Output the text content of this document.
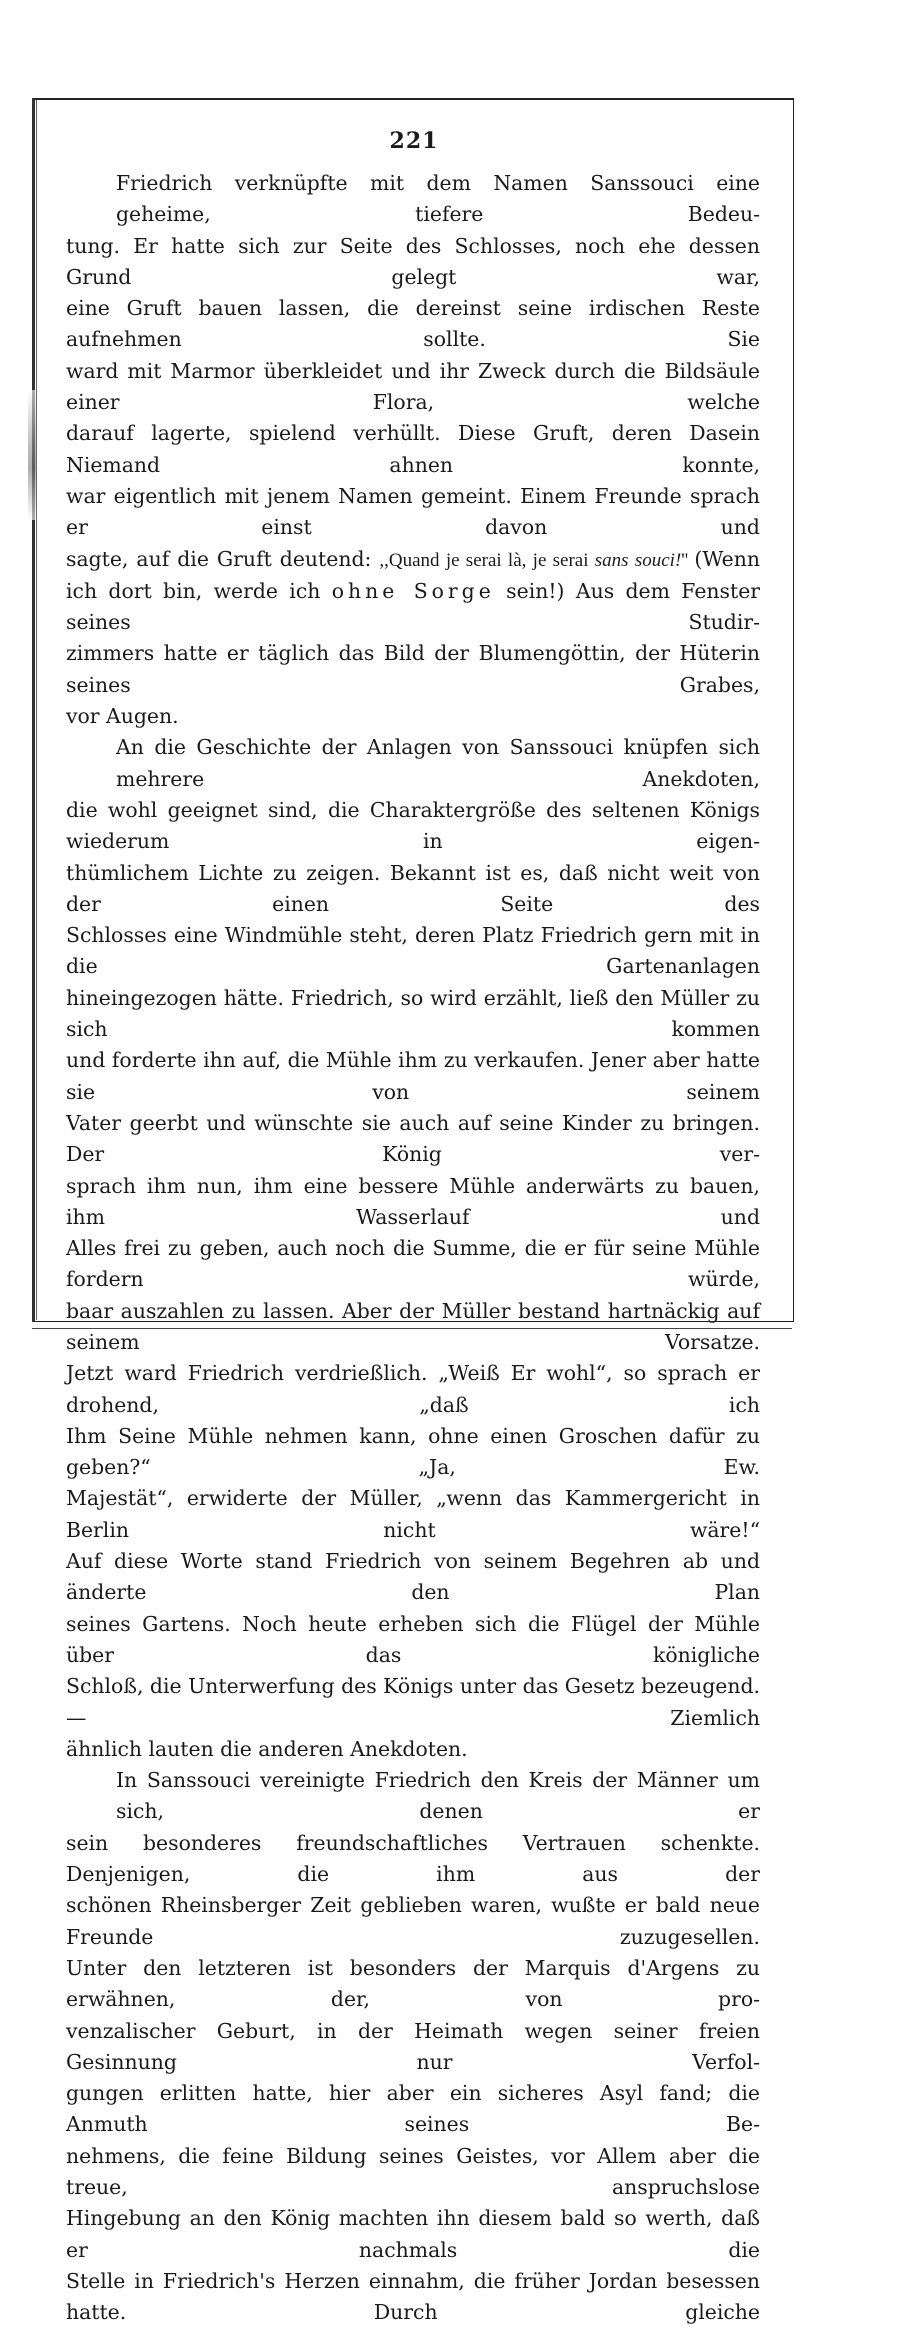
221

Friedrich verknüpfte mit dem Namen Sanssouci eine geheime, tiefere Bedeu-
tung. Er hatte sich zur Seite des Schlosses, noch ehe dessen Grund gelegt war,
eine Gruft bauen lassen, die dereinst seine irdischen Reste aufnehmen sollte. Sie
ward mit Marmor überkleidet und ihr Zweck durch die Bildsäule einer Flora, welche
darauf lagerte, spielend verhüllt. Diese Gruft, deren Dasein Niemand ahnen konnte,
war eigentlich mit jenem Namen gemeint. Einem Freunde sprach er einst davon und
sagte, auf die Gruft deutend: ,,Quand je serai là, je serai sans souci!'' (Wenn
ich dort bin, werde ich ohne Sorge sein!) Aus dem Fenster seines Studir-
zimmers hatte er täglich das Bild der Blumengöttin, der Hüterin seines Grabes,
vor Augen.

An die Geschichte der Anlagen von Sanssouci knüpfen sich mehrere Anekdoten,
die wohl geeignet sind, die Charaktergröße des seltenen Königs wiederum in eigen-
thümlichem Lichte zu zeigen. Bekannt ist es, daß nicht weit von der einen Seite des
Schlosses eine Windmühle steht, deren Platz Friedrich gern mit in die Gartenanlagen
hineingezogen hätte. Friedrich, so wird erzählt, ließ den Müller zu sich kommen
und forderte ihn auf, die Mühle ihm zu verkaufen. Jener aber hatte sie von seinem
Vater geerbt und wünschte sie auch auf seine Kinder zu bringen. Der König ver-
sprach ihm nun, ihm eine bessere Mühle anderwärts zu bauen, ihm Wasserlauf und
Alles frei zu geben, auch noch die Summe, die er für seine Mühle fordern würde,
baar auszahlen zu lassen. Aber der Müller bestand hartnäckig auf seinem Vorsatze.
Jetzt ward Friedrich verdrießlich. „Weiß Er wohl“, so sprach er drohend, „daß ich
Ihm Seine Mühle nehmen kann, ohne einen Groschen dafür zu geben?“ „Ja, Ew.
Majestät“, erwiderte der Müller, „wenn das Kammergericht in Berlin nicht wäre!“
Auf diese Worte stand Friedrich von seinem Begehren ab und änderte den Plan
seines Gartens. Noch heute erheben sich die Flügel der Mühle über das königliche
Schloß, die Unterwerfung des Königs unter das Gesetz bezeugend. — Ziemlich
ähnlich lauten die anderen Anekdoten.

In Sanssouci vereinigte Friedrich den Kreis der Männer um sich, denen er
sein besonderes freundschaftliches Vertrauen schenkte. Denjenigen, die ihm aus der
schönen Rheinsberger Zeit geblieben waren, wußte er bald neue Freunde zuzugesellen.
Unter den letzteren ist besonders der Marquis d'Argens zu erwähnen, der, von pro-
venzalischer Geburt, in der Heimath wegen seiner freien Gesinnung nur Verfol-
gungen erlitten hatte, hier aber ein sicheres Asyl fand; die Anmuth seines Be-
nehmens, die feine Bildung seines Geistes, vor Allem aber die treue, anspruchslose
Hingebung an den König machten ihn diesem bald so werth, daß er nachmals die
Stelle in Friedrich's Herzen einnahm, die früher Jordan besessen hatte. Durch gleiche
